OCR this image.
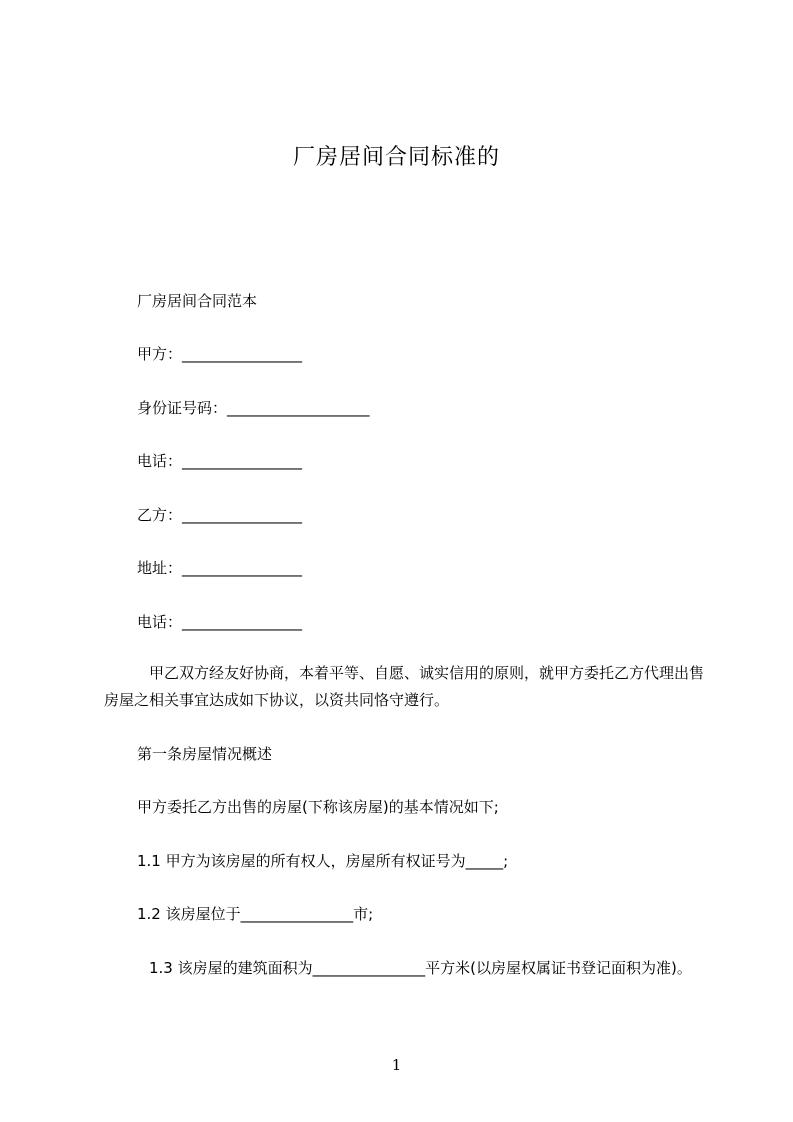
厂房居间合同标准的
厂房居间合同范本
甲方：________________
身份证号码：___________________
电话：________________
乙方：________________
地址：________________
电话：________________
　甲乙双方经友好协商，本着平等、自愿、诚实信用的原则，就甲方委托乙方代理出售房屋之相关事宜达成如下协议，以资共同恪守遵行。
第一条房屋情况概述
甲方委托乙方出售的房屋(下称该房屋)的基本情况如下;
1.1 甲方为该房屋的所有权人，房屋所有权证号为_____;
1.2 该房屋位于_______________市;
　1.3 该房屋的建筑面积为_______________平方米(以房屋权属证书登记面积为准)。
1
